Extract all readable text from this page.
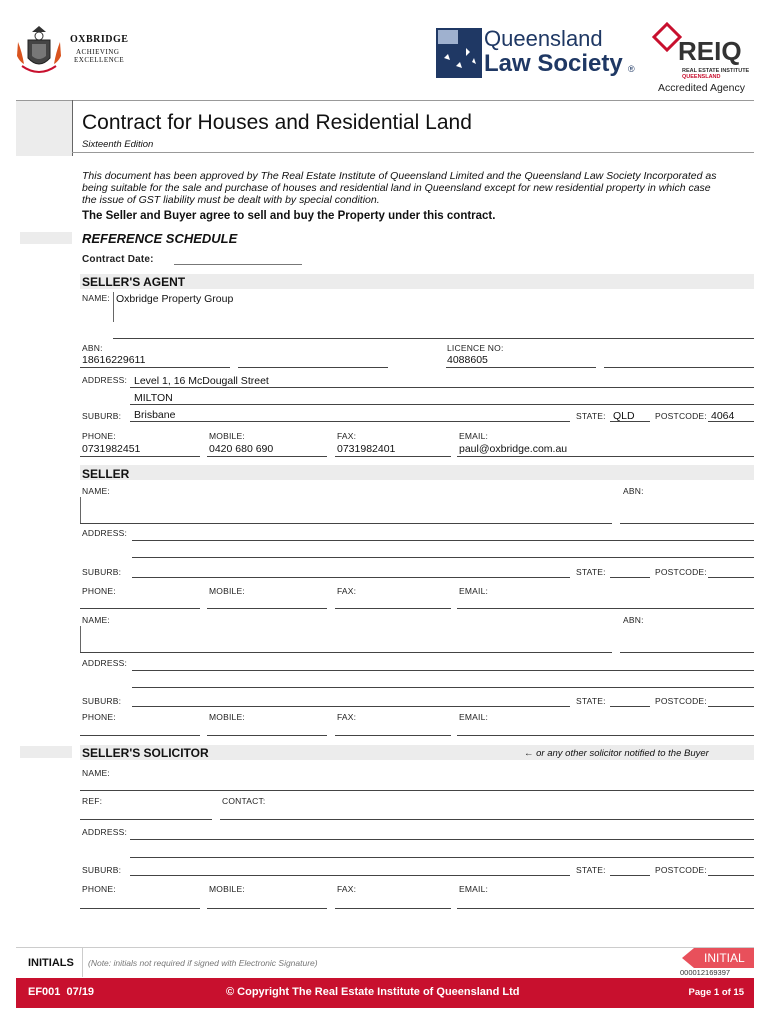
OXBRIDGE
ACHIEVING
EXCELLENCE
Queensland
Law Society ®
REIQ
REAL ESTATE INSTITUTE
QUEENSLAND
Accredited Agency
Contract for Houses and Residential Land
Sixteenth Edition
This document has been approved by The Real Estate Institute of Queensland Limited and the Queensland Law Society Incorporated as being suitable for the sale and purchase of houses and residential land in Queensland except for new residential property in which case the issue of GST liability must be dealt with by special condition.
The Seller and Buyer agree to sell and buy the Property under this contract.
REFERENCE SCHEDULE
Contract Date:
SELLER'S AGENT
NAME: Oxbridge Property Group
ABN:
18616229611
LICENCE NO:
4088605
ADDRESS: Level 1, 16 McDougall Street
MILTON
SUBURB: Brisbane	STATE: QLD POSTCODE: 4064
PHONE:
0731982451
MOBILE:
0420 680 690
FAX:
0731982401
EMAIL:
paul@oxbridge.com.au
SELLER
NAME:	ABN:
ADDRESS:
SUBURB:	STATE:	POSTCODE:
PHONE:	MOBILE:	FAX:	EMAIL:
NAME:	ABN:
ADDRESS:
SUBURB:	STATE:	POSTCODE:
PHONE:	MOBILE:	FAX:	EMAIL:
SELLER'S SOLICITOR	← or any other solicitor notified to the Buyer
NAME:
REF:	CONTACT:
ADDRESS:
SUBURB:	STATE:	POSTCODE:
PHONE:	MOBILE:	FAX:	EMAIL:
INITIALS (Note: initials not required if signed with Electronic Signature)	INITIAL
000012169397
EF001  07/19	© Copyright The Real Estate Institute of Queensland Ltd	Page 1 of 15
